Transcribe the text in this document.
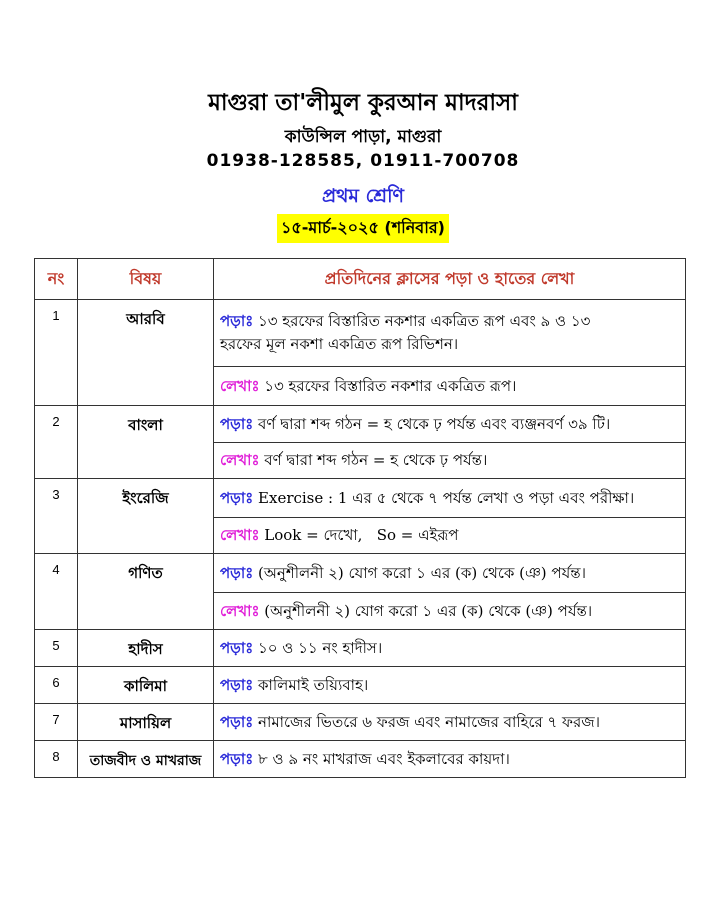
মাগুরা তা'লীমুল কুরআন মাদরাসা
কাউন্সিল পাড়া, মাগুরা
01938-128585, 01911-700708
প্রথম শ্রেণি
১৫-মার্চ-২০২৫ (শনিবার)
নং	বিষয়	প্রতিদিনের ক্লাসের পড়া ও হাতের লেখা
1	আরবি	পড়াঃ ১৩ হরফের বিস্তারিত নকশার একত্রিত রূপ এবং ৯ ও ১৩
হরফের মূল নকশা একত্রিত রূপ রিভিশন।
		লেখাঃ ১৩ হরফের বিস্তারিত নকশার একত্রিত রূপ।
2	বাংলা	পড়াঃ বর্ণ দ্বারা শব্দ গঠন = হ থেকে ঢ় পর্যন্ত এবং ব্যঞ্জনবর্ণ ৩৯ টি।
		লেখাঃ বর্ণ দ্বারা শব্দ গঠন = হ থেকে ঢ় পর্যন্ত।
3	ইংরেজি	পড়াঃ Exercise : 1 এর ৫ থেকে ৭ পর্যন্ত লেখা ও পড়া এবং পরীক্ষা।
		লেখাঃ Look = দেখো,   So = এইরূপ
4	গণিত	পড়াঃ (অনুশীলনী ২) যোগ করো ১ এর (ক) থেকে (ঞ) পর্যন্ত।
		লেখাঃ (অনুশীলনী ২) যোগ করো ১ এর (ক) থেকে (ঞ) পর্যন্ত।
5	হাদীস	পড়াঃ ১০ ও ১১ নং হাদীস।
6	কালিমা	পড়াঃ কালিমাই তয়্যিবাহ।
7	মাসায়িল	পড়াঃ নামাজের ভিতরে ৬ ফরজ এবং নামাজের বাহিরে ৭ ফরজ।
8	তাজবীদ ও মাখরাজ	পড়াঃ ৮ ও ৯ নং মাখরাজ এবং ইকলাবের কায়দা।
